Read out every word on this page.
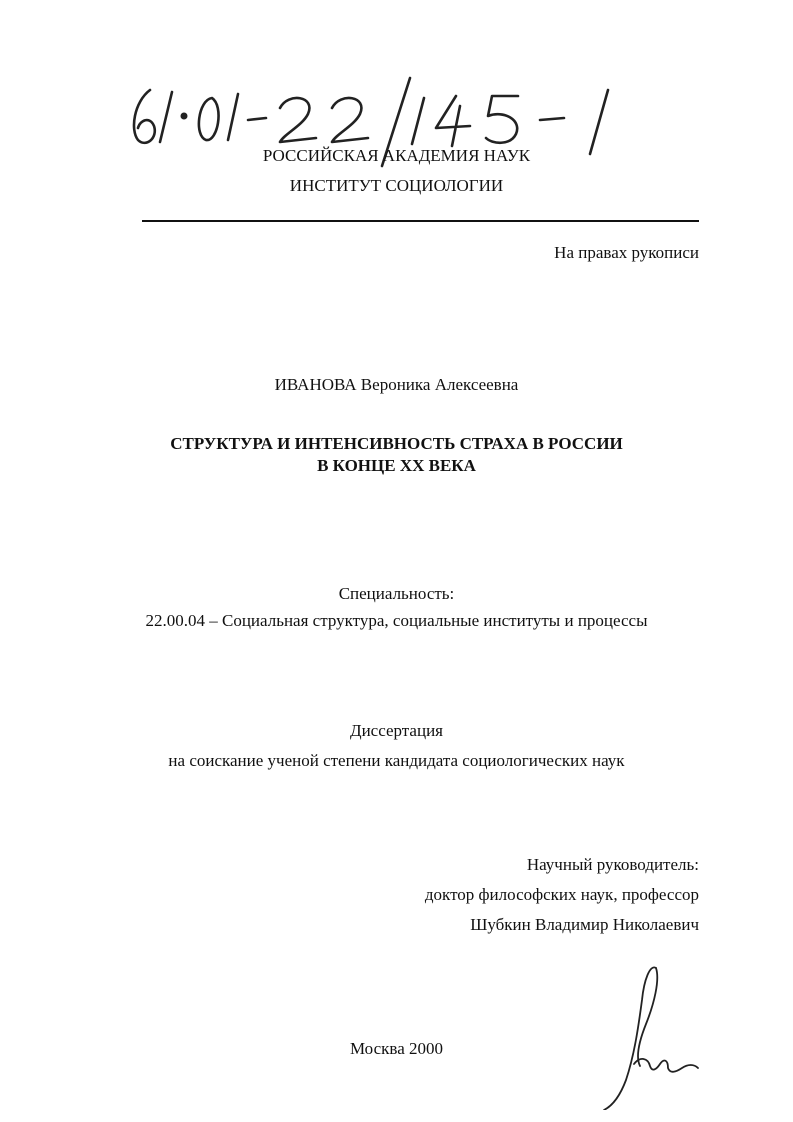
РОССИЙСКАЯ АКАДЕМИЯ НАУК
ИНСТИТУТ СОЦИОЛОГИИ
На правах рукописи
ИВАНОВА Вероника Алексеевна
СТРУКТУРА И ИНТЕНСИВНОСТЬ СТРАХА В РОССИИ
В КОНЦЕ XX ВЕКА
Специальность:
22.00.04 – Социальная структура, социальные институты и процессы
Диссертация
на соискание ученой степени кандидата социологических наук
Научный руководитель:
доктор философских наук, профессор
Шубкин Владимир Николаевич
Москва 2000
